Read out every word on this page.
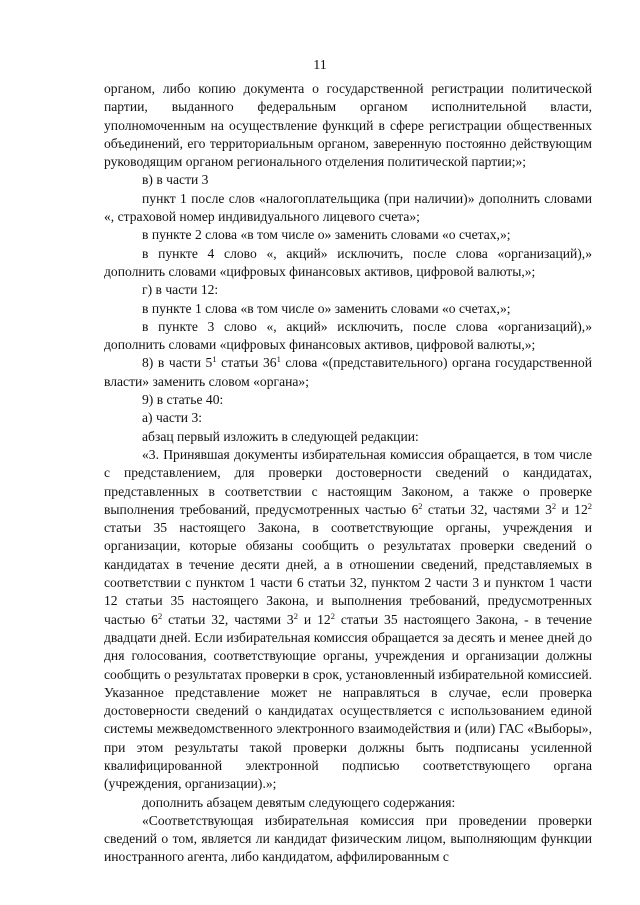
11

органом, либо копию документа о государственной регистрации политической партии, выданного федеральным органом исполнительной власти, уполномоченным на осуществление функций в сфере регистрации общественных объединений, его территориальным органом, заверенную постоянно действующим руководящим органом регионального отделения политической партии;»;

в) в части 3

пункт 1 после слов «налогоплательщика (при наличии)» дополнить словами «, страховой номер индивидуального лицевого счета»;

в пункте 2 слова «в том числе о» заменить словами «о счетах,»;

в пункте 4 слово «, акций» исключить, после слова «организаций),» дополнить словами «цифровых финансовых активов, цифровой валюты,»;

г) в части 12:

в пункте 1 слова «в том числе о» заменить словами «о счетах,»;

в пункте 3 слово «, акций» исключить, после слова «организаций),» дополнить словами «цифровых финансовых активов, цифровой валюты,»;

8) в части $5^1$ статьи $36^1$ слова «(представительного) органа государственной власти» заменить словом «органа»;

9) в статье 40:

а) части 3:

абзац первый изложить в следующей редакции:

«3. Принявшая документы избирательная комиссия обращается, в том числе с представлением, для проверки достоверности сведений о кандидатах, представленных в соответствии с настоящим Законом, а также о проверке выполнения требований, предусмотренных частью $6^2$ статьи 32, частями $3^2$ и $12^2$ статьи 35 настоящего Закона, в соответствующие органы, учреждения и организации, которые обязаны сообщить о результатах проверки сведений о кандидатах в течение десяти дней, а в отношении сведений, представляемых в соответствии с пунктом 1 части 6 статьи 32, пунктом 2 части 3 и пунктом 1 части 12 статьи 35 настоящего Закона, и выполнения требований, предусмотренных частью $6^2$ статьи 32, частями $3^2$ и $12^2$ статьи 35 настоящего Закона, - в течение двадцати дней. Если избирательная комиссия обращается за десять и менее дней до дня голосования, соответствующие органы, учреждения и организации должны сообщить о результатах проверки в срок, установленный избирательной комиссией. Указанное представление может не направляться в случае, если проверка достоверности сведений о кандидатах осуществляется с использованием единой системы межведомственного электронного взаимодействия и (или) ГАС «Выборы», при этом результаты такой проверки должны быть подписаны усиленной квалифицированной электронной подписью соответствующего органа (учреждения, организации).»;

дополнить абзацем девятым следующего содержания:

«Соответствующая избирательная комиссия при проведении проверки сведений о том, является ли кандидат физическим лицом, выполняющим функции иностранного агента, либо кандидатом, аффилированным с
